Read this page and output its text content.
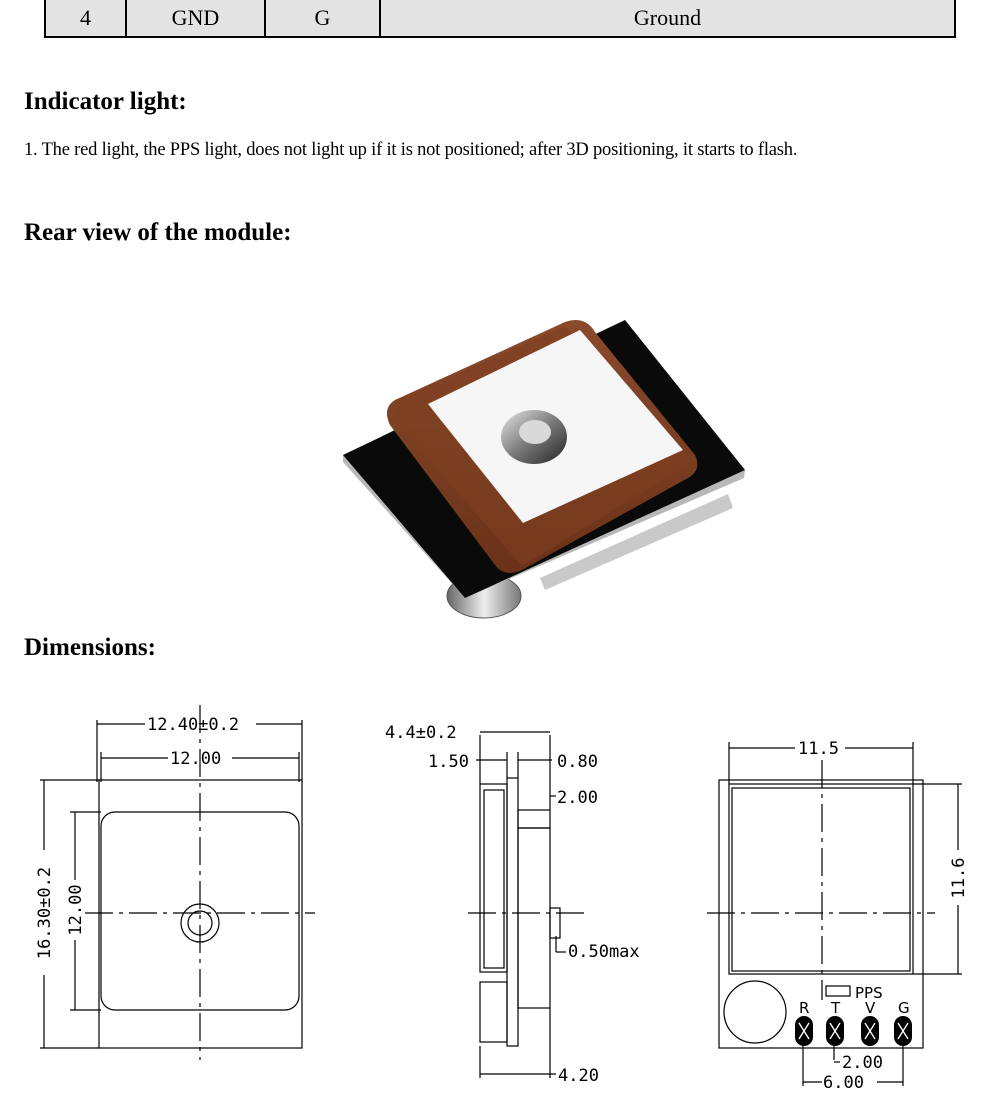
4	GND	G	Ground
Indicator light:

1. The red light, the PPS light, does not light up if it is not positioned; after 3D positioning, it starts to flash.

Rear view of the module:
Dimensions:
12.40±0.2
12.00
16.30±0.2 12.00
4.4±0.2
1.50	0.80
2.00
0.50max
4.20
11.5
11.6
PPS
R T V G
2.00
6.00
